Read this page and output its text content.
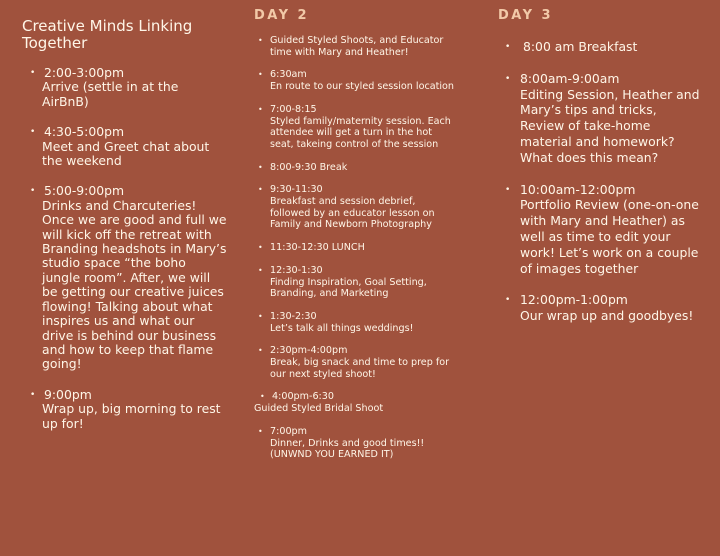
Creative Minds Linking Together
• 2:00-3:00pm
Arrive (settle in at the AirBnB)
• 4:30-5:00pm
Meet and Greet chat about the weekend
• 5:00-9:00pm
Drinks and Charcuteries! Once we are good and full we will kick off the retreat with Branding headshots in Mary’s studio space “the boho jungle room”. After, we will be getting our creative juices flowing! Talking about what inspires us and what our drive is behind our business and how to keep that flame going!
• 9:00pm
Wrap up, big morning to rest up for!
DAY 2
• Guided Styled Shoots, and Educator time with Mary and Heather!
• 6:30am
En route to our styled session location
• 7:00-8:15
Styled family/maternity session. Each attendee will get a turn in the hot seat, takeing control of the session
• 8:00-9:30 Break
• 9:30-11:30
Breakfast and session debrief, followed by an educator lesson on Family and Newborn Photography
• 11:30-12:30 LUNCH
• 12:30-1:30
Finding Inspiration, Goal Setting, Branding, and Marketing
• 1:30-2:30
Let’s talk all things weddings!
• 2:30pm-4:00pm
Break, big snack and time to prep for our next styled shoot!
• 4:00pm-6:30
Guided Styled Bridal Shoot
• 7:00pm
Dinner, Drinks and good times!! (UNWND YOU EARNED IT)
DAY 3
•	8:00 am Breakfast
• 8:00am-9:00am
Editing Session, Heather and Mary’s tips and tricks, Review of take-home material and homework? What does this mean?
• 10:00am-12:00pm
Portfolio Review (one-on-one with Mary and Heather) as well as time to edit your work! Let’s work on a couple of images together
• 12:00pm-1:00pm
Our wrap up and goodbyes!
